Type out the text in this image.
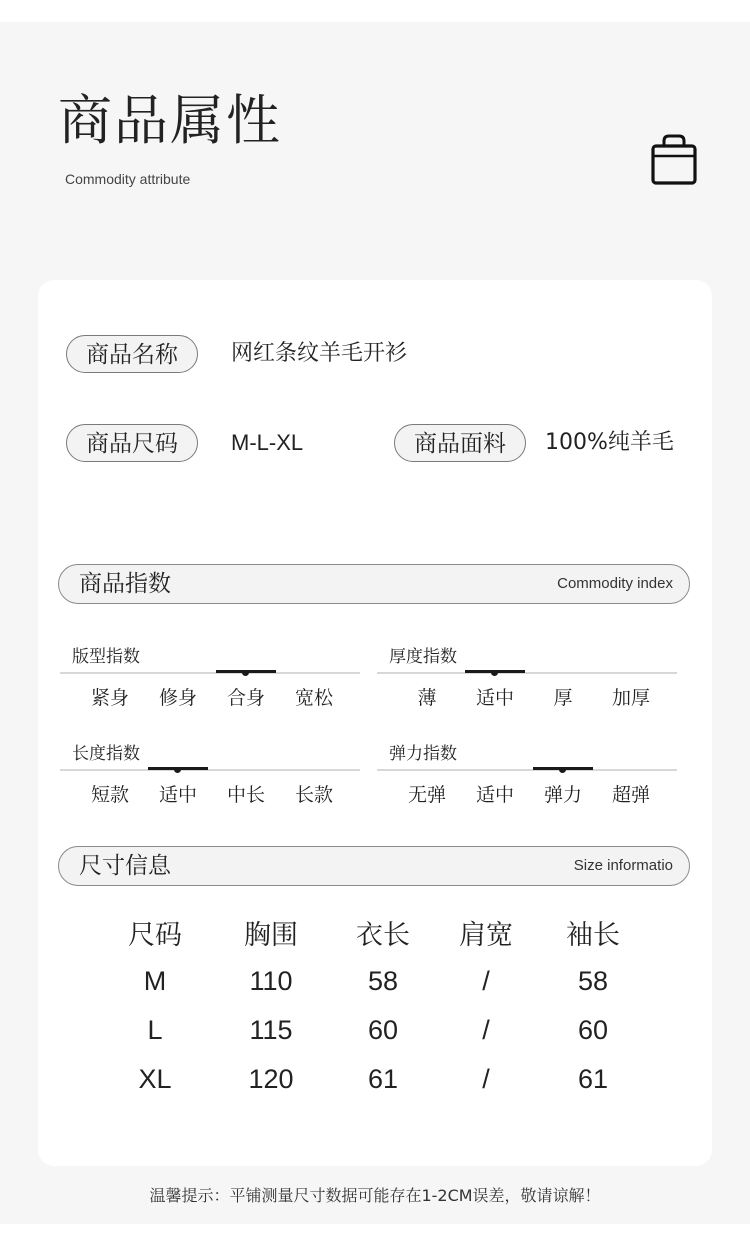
商品属性
Commodity attribute
商品名称	网红条纹羊毛开衫
商品尺码	M-L-XL	商品面料	100%纯羊毛
商品指数	Commodity index
版型指数
紧身	修身	合身	宽松
厚度指数
薄	适中	厚	加厚
长度指数
短款	适中	中长	长款
弹力指数
无弹	适中	弹力	超弹
尺寸信息	Size informatio
尺码	胸围	衣长	肩宽	袖长
M	110	58	/	58
L	115	60	/	60
XL	120	61	/	61
温馨提示：平铺测量尺寸数据可能存在1-2CM误差，敬请谅解！
